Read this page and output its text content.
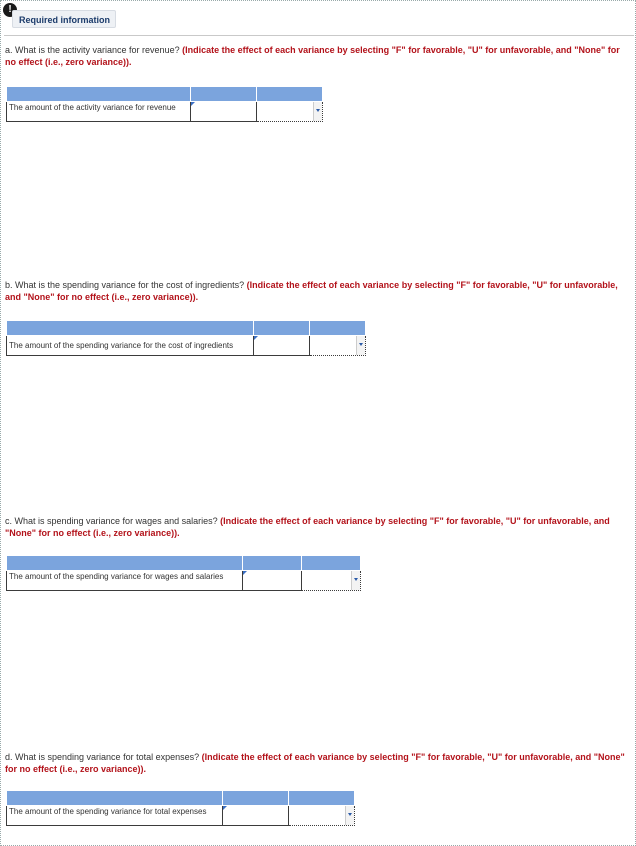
!
Required information
a. What is the activity variance for revenue? (Indicate the effect of each variance by selecting "F" for favorable, "U" for unfavorable, and "None" for no effect (i.e., zero variance)).

The amount of the activity variance for revenue		
b. What is the spending variance for the cost of ingredients? (Indicate the effect of each variance by selecting "F" for favorable, "U" for unfavorable, and "None" for no effect (i.e., zero variance)).

The amount of the spending variance for the cost of ingredients		
c. What is spending variance for wages and salaries? (Indicate the effect of each variance by selecting "F" for favorable, "U" for unfavorable, and "None" for no effect (i.e., zero variance)).

The amount of the spending variance for wages and salaries		
d. What is spending variance for total expenses? (Indicate the effect of each variance by selecting "F" for favorable, "U" for unfavorable, and "None" for no effect (i.e., zero variance)).

The amount of the spending variance for total expenses		
